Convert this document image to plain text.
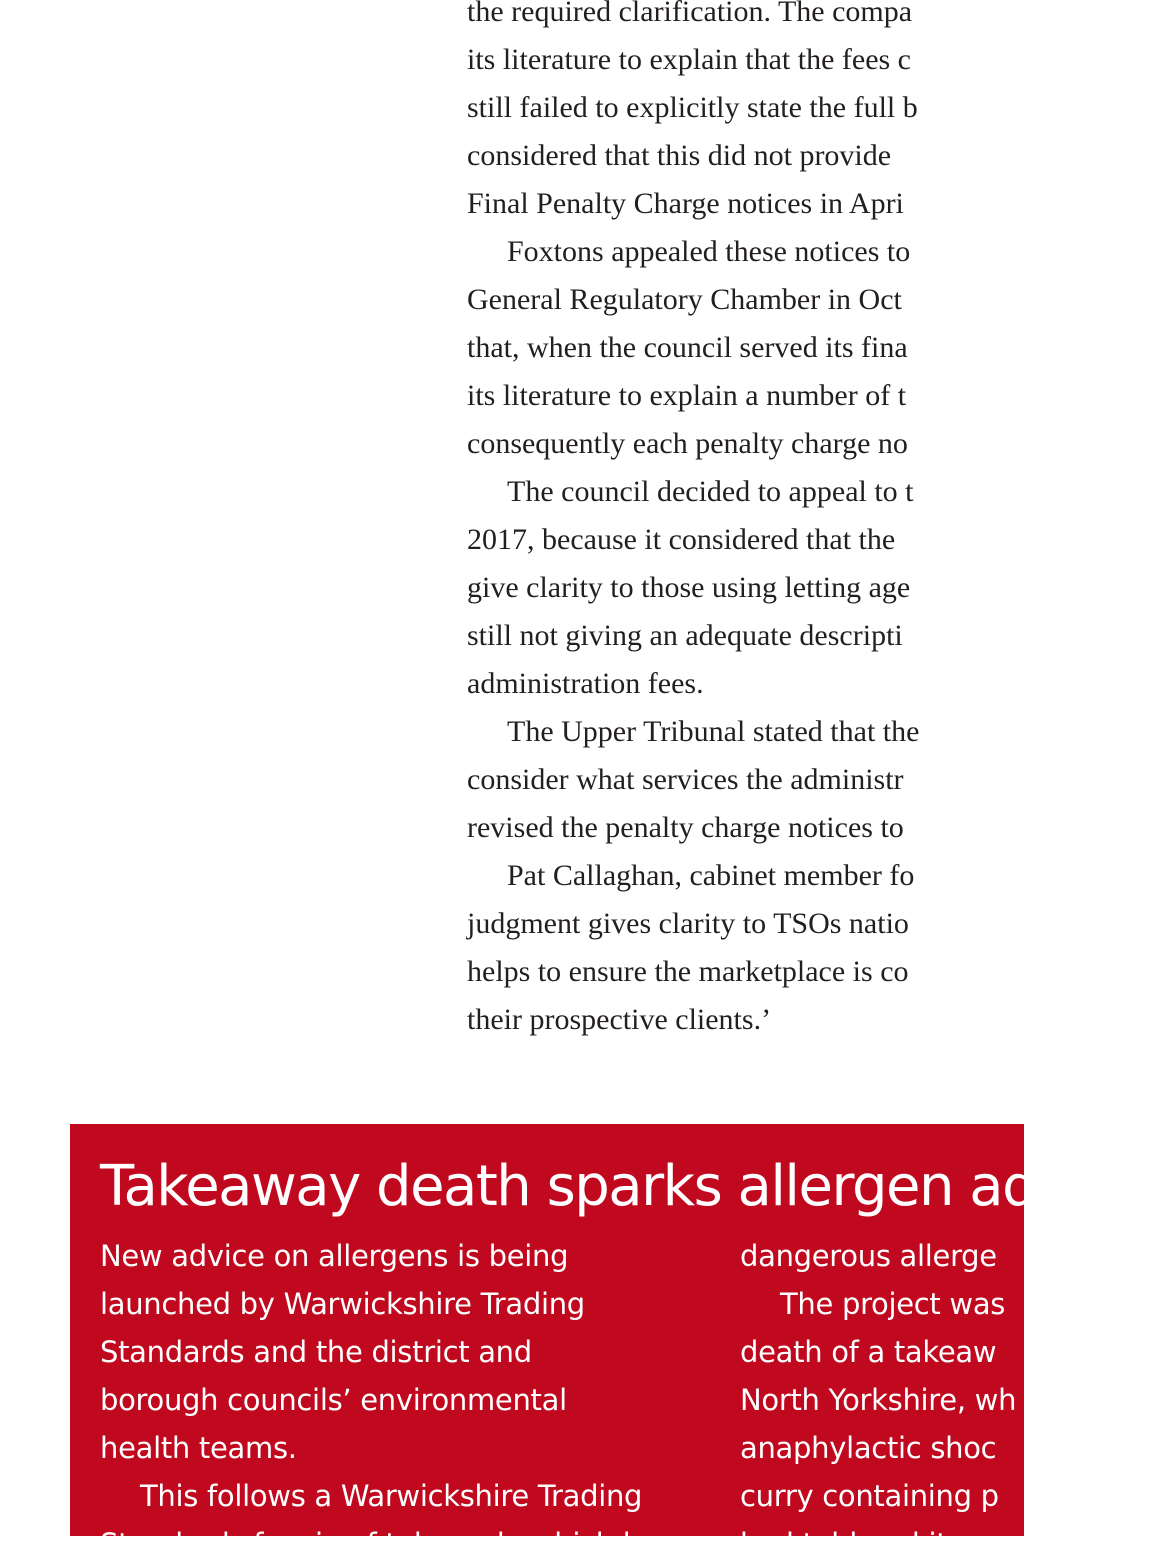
the required clarification. The compa
its literature to explain that the fees c
still failed to explicitly state the full b
considered that this did not provide
Final Penalty Charge notices in Apri
Foxtons appealed these notices to
General Regulatory Chamber in Oct
that, when the council served its fina
its literature to explain a number of t
consequently each penalty charge no
The council decided to appeal to t
2017, because it considered that the
give clarity to those using letting age
still not giving an adequate descripti
administration fees.
The Upper Tribunal stated that the
consider what services the administr
revised the penalty charge notices to
Pat Callaghan, cabinet member fo
judgment gives clarity to TSOs natio
helps to ensure the marketplace is co
their prospective clients.’
Takeaway death sparks allergen ad
New advice on allergens is being
launched by Warwickshire Trading
Standards and the district and
borough councils’ environmental
health teams.
This follows a Warwickshire Trading
Standards funcio of takeaw la which b
dangerous allerge
The project was
death of a takeaw
North Yorkshire, wh
anaphylactic shoc
curry containing p
had told and it w
